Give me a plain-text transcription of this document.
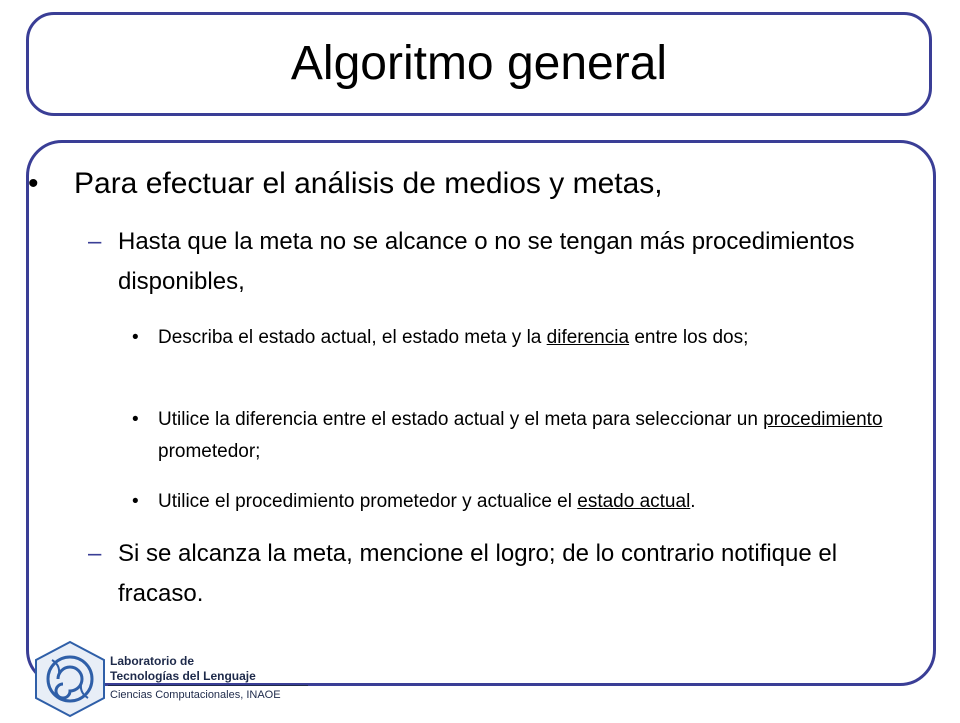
Algoritmo general
• Para efectuar el análisis de medios y metas,
– Hasta que la meta no se alcance o no se tengan más procedimientos disponibles,
• Describa el estado actual, el estado meta y la diferencia entre los dos;
• Utilice la diferencia entre el estado actual y el meta para seleccionar un procedimiento prometedor;
• Utilice el procedimiento prometedor y actualice el estado actual.
– Si se alcanza la meta, mencione el logro; de lo contrario notifique el fracaso.
Laboratorio de
Tecnologías del Lenguaje
Ciencias Computacionales, INAOE
